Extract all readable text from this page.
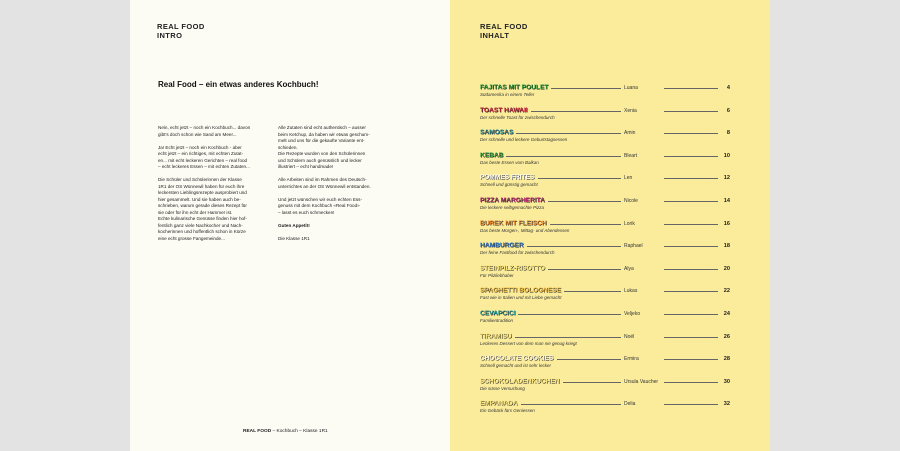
REAL FOOD
INTRO
Real Food – ein etwas anderes Kochbuch!

Nein, echt jetzt – noch ein Kochbuch... davon
gibt’s doch schon wie Sand am Meer...

Ja! Echt jetzt – noch ein Kochbuch - aber
echt jetzt – ein richtiges, mit echten Zutat-
en... mit echt leckeren Gerichten – real food
– echt leckeres Essen – mit echten Zutaten...

Die Schüler und Schülerinnen der Klasse
1R1 der OS Wünnewil haben für euch ihre
leckersten Lieblingsrezepte ausprobiert und
hier gesammelt. Und sie haben auch be-
schrieben, warum gerade dieses Rezept für
sie oder für ihn echt der Hammer ist.
Echte kulinarische Genüsse finden hier hof-
fentlich ganz viele Nachkocher und Nach-
kocherinnen und hoffentlich schon in Kürze
eine echt grosse Fangemeinde...

Alle Zutaten sind echt authentisch – ausser
beim Ketchup, da haben wir etwas geschum-
melt und uns für die gekaufte Variante ent-
schieden.
Die Rezepte wurden von den Schülerinnen
und Schülern auch genüsslich und lecker
illustriert – echt handmade!

Alle Arbeiten sind im Rahmen des Deutsch-
unterrichtes an der OS Wünnewil entstanden.

Und jetzt wünschen wir euch echten Ess-
genuss mit dem Kochbuch «Real Food»
– lasst es euch schmecken!

Guten Appetit!

Die Klasse 1R1

REAL FOOD – Kochbuch – Klasse 1R1
REAL FOOD
INHALT
FAJITAS MIT POULET	Luana	4
Südamerika in einem Teller
TOAST HAWAII	Xenia	6
Der schnelle Toast für zwischendurch
SAMOSAS	Amin	8
Der schnelle und leckere Geburtstagsessen
KEBAB	Bleart	10
Das beste Essen vom Balkan
POMMES FRITES	Len	12
Schnell und günstig gemacht
PIZZA MARGHERITA	Nicole	14
Die leckere selbgemachte Pizza
BUREK MIT FLEISCH	Lorik	16
Das beste Morgen-, Mittag- und Abendessen
HAMBURGER	Raphael	18
Der feine Fastfood für zwischendurch
STEINPILZ-RISOTTO	Alya	20
Für Pilzliebhaber
SPAGHETTI BOLOGNESE	Lukas	22
Fast wie in Italien und mit Liebe gemacht
CEVAPCICI	Veljeko	24
Familientradition
TIRAMISU	Noël	26
Leckeres Dessert von dem man nie genug kriegt
CHOCOLATE COOKIES	Ermira	28
Schnell gemacht und ist sehr lecker
SCHOKOLADENKUCHEN	Ursula Vaucher	30
Die süsse Versuchung
EMPANADA	Delia	32
Ein Gebäck fürs Geniessen
